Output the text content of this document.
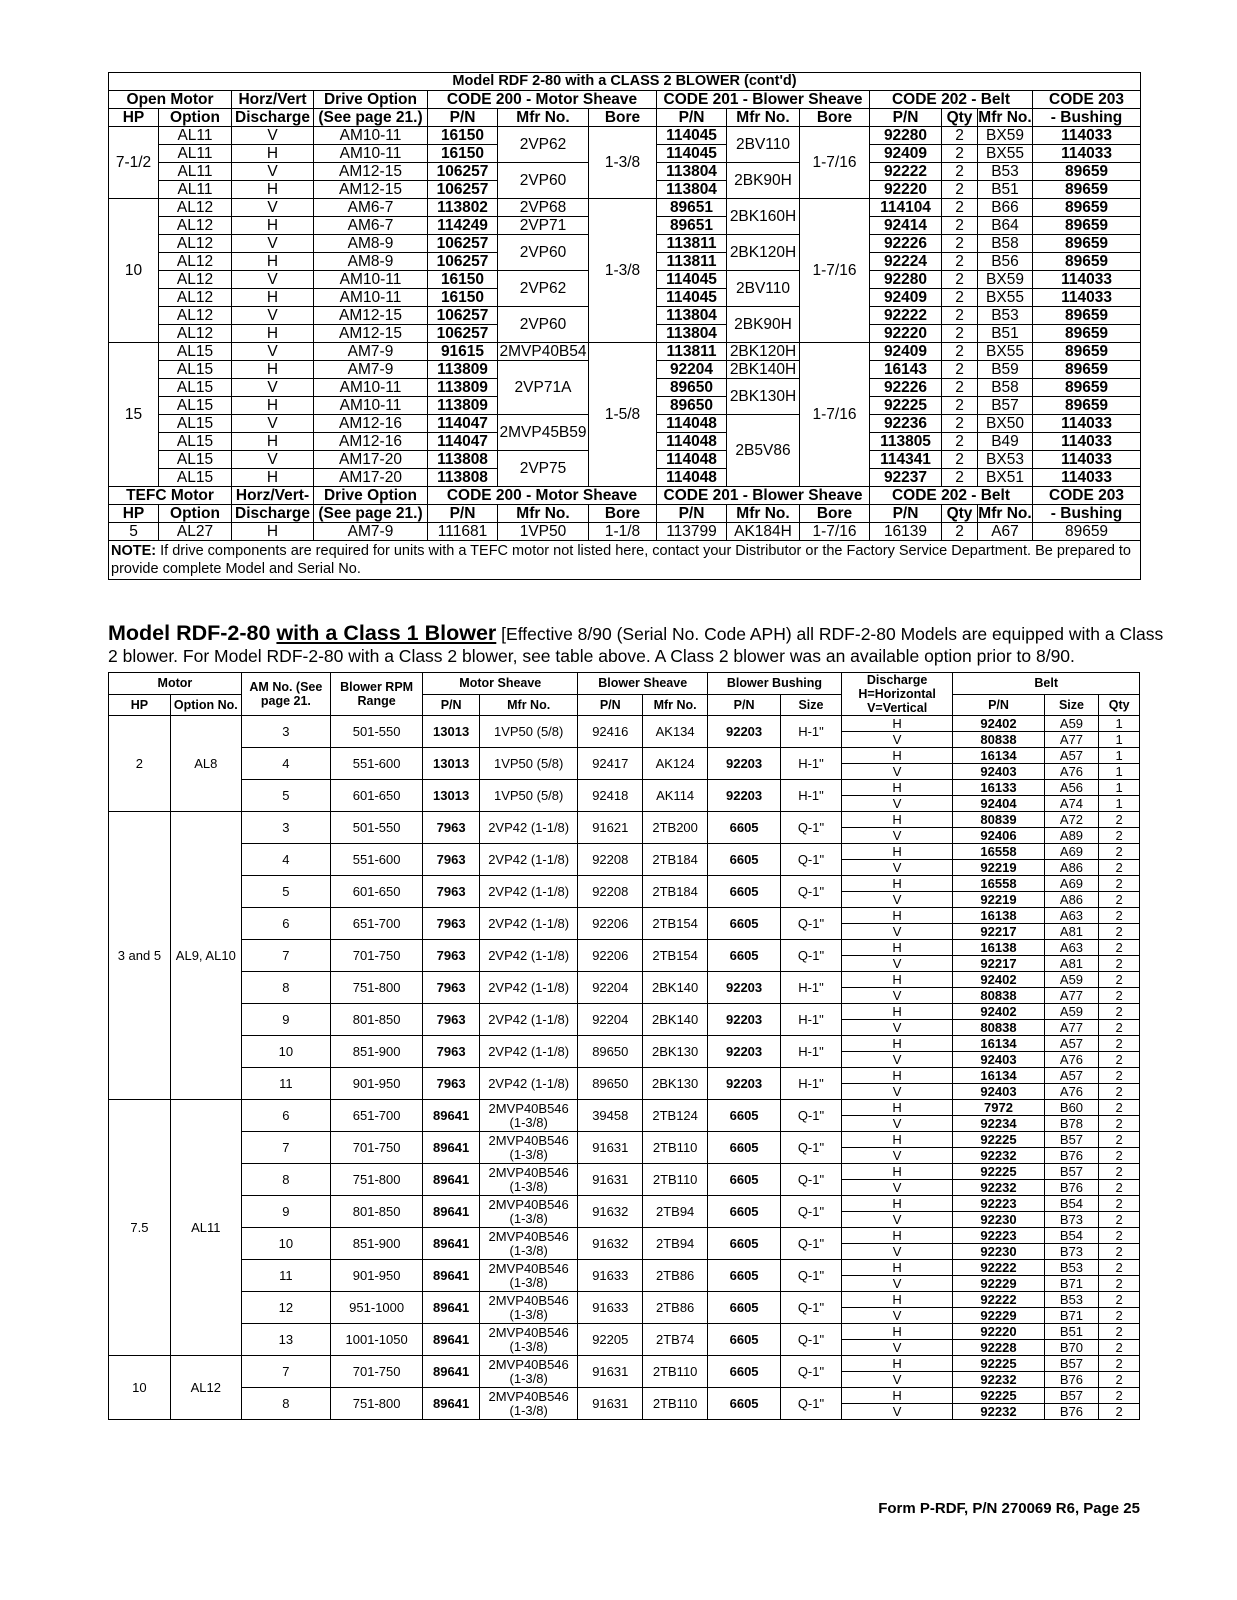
Model RDF 2-80 with a CLASS 2 BLOWER (cont'd)													
Open Motor		Horz/Vert	Drive Option	CODE 200 - Motor Sheave			CODE 201 - Blower Sheave			CODE 202 - Belt			CODE 203
HP	Option	Discharge	(See page 21.)	P/N	Mfr No.	Bore	P/N	Mfr No.	Bore	P/N	Qty	Mfr No.	- Bushing
7-1/2	AL11	V	AM10-11	16150	2VP62	1-3/8	114045	2BV110	1-7/16	92280	2	BX59	114033
	AL11	H	AM10-11	16150			114045			92409	2	BX55	114033
	AL11	V	AM12-15	106257	2VP60		113804	2BK90H		92222	2	B53	89659
	AL11	H	AM12-15	106257			113804			92220	2	B51	89659
10	AL12	V	AM6-7	113802	2VP68	1-3/8	89651	2BK160H	1-7/16	114104	2	B66	89659
	AL12	H	AM6-7	114249	2VP71		89651			92414	2	B64	89659
	AL12	V	AM8-9	106257	2VP60		113811	2BK120H		92226	2	B58	89659
	AL12	H	AM8-9	106257			113811			92224	2	B56	89659
	AL12	V	AM10-11	16150	2VP62		114045	2BV110		92280	2	BX59	114033
	AL12	H	AM10-11	16150			114045			92409	2	BX55	114033
	AL12	V	AM12-15	106257	2VP60		113804	2BK90H		92222	2	B53	89659
	AL12	H	AM12-15	106257			113804			92220	2	B51	89659
15	AL15	V	AM7-9	91615	2MVP40B54	1-5/8	113811	2BK120H	1-7/16	92409	2	BX55	89659
	AL15	H	AM7-9	113809	2VP71A		92204	2BK140H		16143	2	B59	89659
	AL15	V	AM10-11	113809			89650	2BK130H		92226	2	B58	89659
	AL15	H	AM10-11	113809			89650			92225	2	B57	89659
	AL15	V	AM12-16	114047	2MVP45B59		114048	2B5V86		92236	2	BX50	114033
	AL15	H	AM12-16	114047			114048			113805	2	B49	114033
	AL15	V	AM17-20	113808	2VP75		114048			114341	2	BX53	114033
	AL15	H	AM17-20	113808			114048			92237	2	BX51	114033
TEFC Motor		Horz/Vert-	Drive Option	CODE 200 - Motor Sheave			CODE 201 - Blower Sheave			CODE 202 - Belt			CODE 203
HP	Option	Discharge	(See page 21.)	P/N	Mfr No.	Bore	P/N	Mfr No.	Bore	P/N	Qty	Mfr No.	- Bushing
5	AL27	H	AM7-9	111681	1VP50	1-1/8	113799	AK184H	1-7/16	16139	2	A67	89659
NOTE: If drive components are required for units with a TEFC motor not listed here, contact your Distributor or the Factory Service Department. Be prepared to provide complete Model and Serial No.													
Model RDF-2-80 with a Class 1 Blower [Effective 8/90 (Serial No. Code APH) all RDF-2-80 Models are equipped with a Class 2 blower. For Model RDF-2-80 with a Class 2 blower, see table above. A Class 2 blower was an available option prior to 8/90.
Motor		AM No. (See page 21.	Blower RPM Range	Motor Sheave		Blower Sheave		Blower Bushing		Discharge H=Horizontal V=Vertical	Belt		
HP	Option No.			P/N	Mfr No.	P/N	Mfr No.	P/N	Size		P/N	Size	Qty
2	AL8	3	501-550	13013	1VP50 (5/8)	92416	AK134	92203	H-1"	H	92402	A59	1
										V	80838	A77	1
		4	551-600	13013	1VP50 (5/8)	92417	AK124	92203	H-1"	H	16134	A57	1
										V	92403	A76	1
		5	601-650	13013	1VP50 (5/8)	92418	AK114	92203	H-1"	H	16133	A56	1
										V	92404	A74	1
3 and 5	AL9, AL10	3	501-550	7963	2VP42 (1-1/8)	91621	2TB200	6605	Q-1"	H	80839	A72	2
										V	92406	A89	2
		4	551-600	7963	2VP42 (1-1/8)	92208	2TB184	6605	Q-1"	H	16558	A69	2
										V	92219	A86	2
		5	601-650	7963	2VP42 (1-1/8)	92208	2TB184	6605	Q-1"	H	16558	A69	2
										V	92219	A86	2
		6	651-700	7963	2VP42 (1-1/8)	92206	2TB154	6605	Q-1"	H	16138	A63	2
										V	92217	A81	2
		7	701-750	7963	2VP42 (1-1/8)	92206	2TB154	6605	Q-1"	H	16138	A63	2
										V	92217	A81	2
		8	751-800	7963	2VP42 (1-1/8)	92204	2BK140	92203	H-1"	H	92402	A59	2
										V	80838	A77	2
		9	801-850	7963	2VP42 (1-1/8)	92204	2BK140	92203	H-1"	H	92402	A59	2
										V	80838	A77	2
		10	851-900	7963	2VP42 (1-1/8)	89650	2BK130	92203	H-1"	H	16134	A57	2
										V	92403	A76	2
		11	901-950	7963	2VP42 (1-1/8)	89650	2BK130	92203	H-1"	H	16134	A57	2
										V	92403	A76	2
7.5	AL11	6	651-700	89641	2MVP40B546 (1-3/8)	39458	2TB124	6605	Q-1"	H	7972	B60	2
										V	92234	B78	2
		7	701-750	89641	2MVP40B546 (1-3/8)	91631	2TB110	6605	Q-1"	H	92225	B57	2
										V	92232	B76	2
		8	751-800	89641	2MVP40B546 (1-3/8)	91631	2TB110	6605	Q-1"	H	92225	B57	2
										V	92232	B76	2
		9	801-850	89641	2MVP40B546 (1-3/8)	91632	2TB94	6605	Q-1"	H	92223	B54	2
										V	92230	B73	2
		10	851-900	89641	2MVP40B546 (1-3/8)	91632	2TB94	6605	Q-1"	H	92223	B54	2
										V	92230	B73	2
		11	901-950	89641	2MVP40B546 (1-3/8)	91633	2TB86	6605	Q-1"	H	92222	B53	2
										V	92229	B71	2
		12	951-1000	89641	2MVP40B546 (1-3/8)	91633	2TB86	6605	Q-1"	H	92222	B53	2
										V	92229	B71	2
		13	1001-1050	89641	2MVP40B546 (1-3/8)	92205	2TB74	6605	Q-1"	H	92220	B51	2
										V	92228	B70	2
10	AL12	7	701-750	89641	2MVP40B546 (1-3/8)	91631	2TB110	6605	Q-1"	H	92225	B57	2
										V	92232	B76	2
		8	751-800	89641	2MVP40B546 (1-3/8)	91631	2TB110	6605	Q-1"	H	92225	B57	2
										V	92232	B76	2
Form P-RDF, P/N 270069 R6, Page 25
